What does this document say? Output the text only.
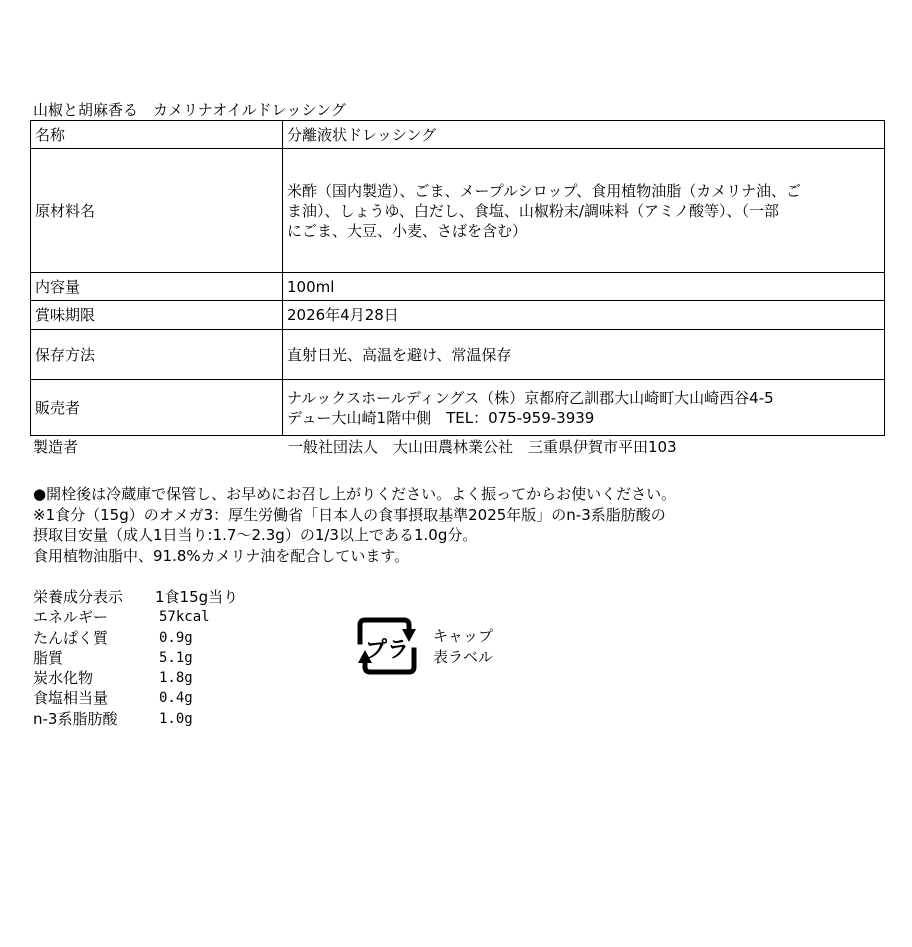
山椒と胡麻香る　カメリナオイルドレッシング
名称	分離液状ドレッシング
原材料名	米酢（国内製造）、ごま、メープルシロップ、食用植物油脂（カメリナ油、ご
ま油）、しょうゆ、白だし、食塩、山椒粉末/調味料（アミノ酸等）、（一部
にごま、大豆、小麦、さばを含む）
内容量	100ml
賞味期限	2026年4月28日
保存方法	直射日光、高温を避け、常温保存
販売者	ナルックスホールディングス（株）京都府乙訓郡大山崎町大山崎西谷4-5
デュー大山崎1階中側　TEL：075-959-3939
製造者	一般社団法人　大山田農林業公社　三重県伊賀市平田103
●開栓後は冷蔵庫で保管し、お早めにお召し上がりください。よく振ってからお使いください。
※1食分（15g）のオメガ3：厚生労働省「日本人の食事摂取基準2025年版」のn-3系脂肪酸の
摂取目安量（成人1日当り:1.7〜2.3g）の1/3以上である1.0g分。
食用植物油脂中、91.8%カメリナ油を配合しています。
栄養成分表示 1食15g当り
エネルギー	57kcal
たんぱく質	0.9g
脂質	5.1g
炭水化物	1.8g
食塩相当量	0.4g
n-3系脂肪酸	1.0g
プラ
キャップ
表ラベル
